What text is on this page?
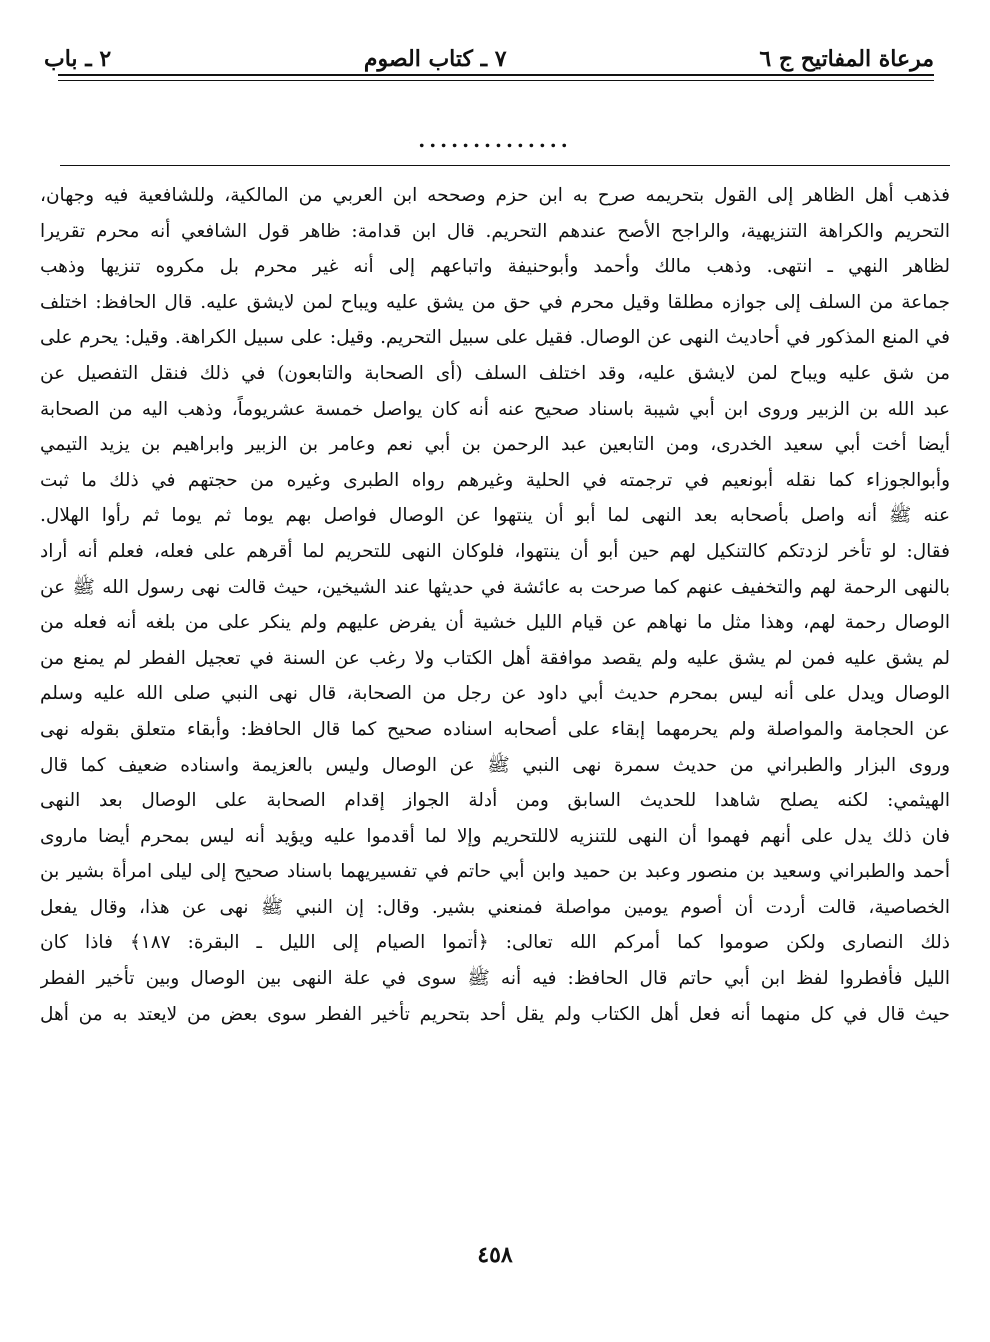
٢ ـ باب	٧ ـ كتاب الصوم	مرعاة المفاتيح ج ٦
..............
فذهب أهل الظاهر إلى القول بتحريمه صرح به ابن حزم وصححه ابن العربي من المالكية، وللشافعية فيه وجهان،
التحريم والكراهة التنزيهية، والراجح الأصح عندهم التحريم. قال ابن قدامة: ظاهر قول الشافعي أنه محرم تقريرا
لظاهر النهي ـ انتهى. وذهب مالك وأحمد وأبوحنيفة واتباعهم إلى أنه غير محرم بل مكروه تنزيها وذهب
جماعة من السلف إلى جوازه مطلقا وقيل محرم في حق من يشق عليه ويباح لمن لايشق عليه. قال الحافظ: اختلف
في المنع المذكور في أحاديث النهى عن الوصال. فقيل على سبيل التحريم. وقيل: على سبيل الكراهة. وقيل: يحرم على
من شق عليه ويباح لمن لايشق عليه، وقد اختلف السلف (أى الصحابة والتابعون) في ذلك فنقل التفصيل عن
عبد الله بن الزبير وروى ابن أبي شيبة باسناد صحيح عنه أنه كان يواصل خمسة عشريوماً، وذهب اليه من الصحابة
أيضا أخت أبي سعيد الخدرى، ومن التابعين عبد الرحمن بن أبي نعم وعامر بن الزبير وابراهيم بن يزيد التيمي
وأبوالجوزاء كما نقله أبونعيم في ترجمته في الحلية وغيرهم رواه الطبرى وغيره من حجتهم في ذلك ما ثبت
عنه ﷺ أنه واصل بأصحابه بعد النهى لما أبو أن ينتهوا عن الوصال فواصل بهم يوما ثم يوما ثم رأوا الهلال.
فقال: لو تأخر لزدتكم كالتنكيل لهم حين أبو أن ينتهوا، فلوكان النهى للتحريم لما أقرهم على فعله، فعلم أنه أراد
بالنهى الرحمة لهم والتخفيف عنهم كما صرحت به عائشة في حديثها عند الشيخين، حيث قالت نهى رسول الله ﷺ عن
الوصال رحمة لهم، وهذا مثل ما نهاهم عن قيام الليل خشية أن يفرض عليهم ولم ينكر على من بلغه أنه فعله من
لم يشق عليه فمن لم يشق عليه ولم يقصد موافقة أهل الكتاب ولا رغب عن السنة في تعجيل الفطر لم يمنع من
الوصال ويدل على أنه ليس بمحرم حديث أبي داود عن رجل من الصحابة، قال نهى النبي صلى الله عليه وسلم
عن الحجامة والمواصلة ولم يحرمهما إبقاء على أصحابه اسناده صحيح كما قال الحافظ: وأبقاء متعلق بقوله نهى
وروى البزار والطبراني من حديث سمرة نهى النبي ﷺ عن الوصال وليس بالعزيمة واسناده ضعيف كما قال
الهيثمي: لكنه يصلح شاهدا للحديث السابق ومن أدلة الجواز إقدام الصحابة على الوصال بعد النهى
فان ذلك يدل على أنهم فهموا أن النهى للتنزيه لاللتحريم وإلا لما أقدموا عليه ويؤيد أنه ليس بمحرم أيضا ماروى
أحمد والطبراني وسعيد بن منصور وعبد بن حميد وابن أبي حاتم في تفسيريهما باسناد صحيح إلى ليلى امرأة بشير بن
الخصاصية، قالت أردت أن أصوم يومين مواصلة فمنعني بشير. وقال: إن النبي ﷺ نهى عن هذا، وقال يفعل
ذلك النصارى ولكن صوموا كما أمركم الله تعالى: ﴿أتموا الصيام إلى الليل ـ البقرة: ١٨٧﴾ فاذا كان
الليل فأفطروا لفظ ابن أبي حاتم قال الحافظ: فيه أنه ﷺ سوى في علة النهى بين الوصال وبين تأخير الفطر
حيث قال في كل منهما أنه فعل أهل الكتاب ولم يقل أحد بتحريم تأخير الفطر سوى بعض من لايعتد به من أهل
٤٥٨
